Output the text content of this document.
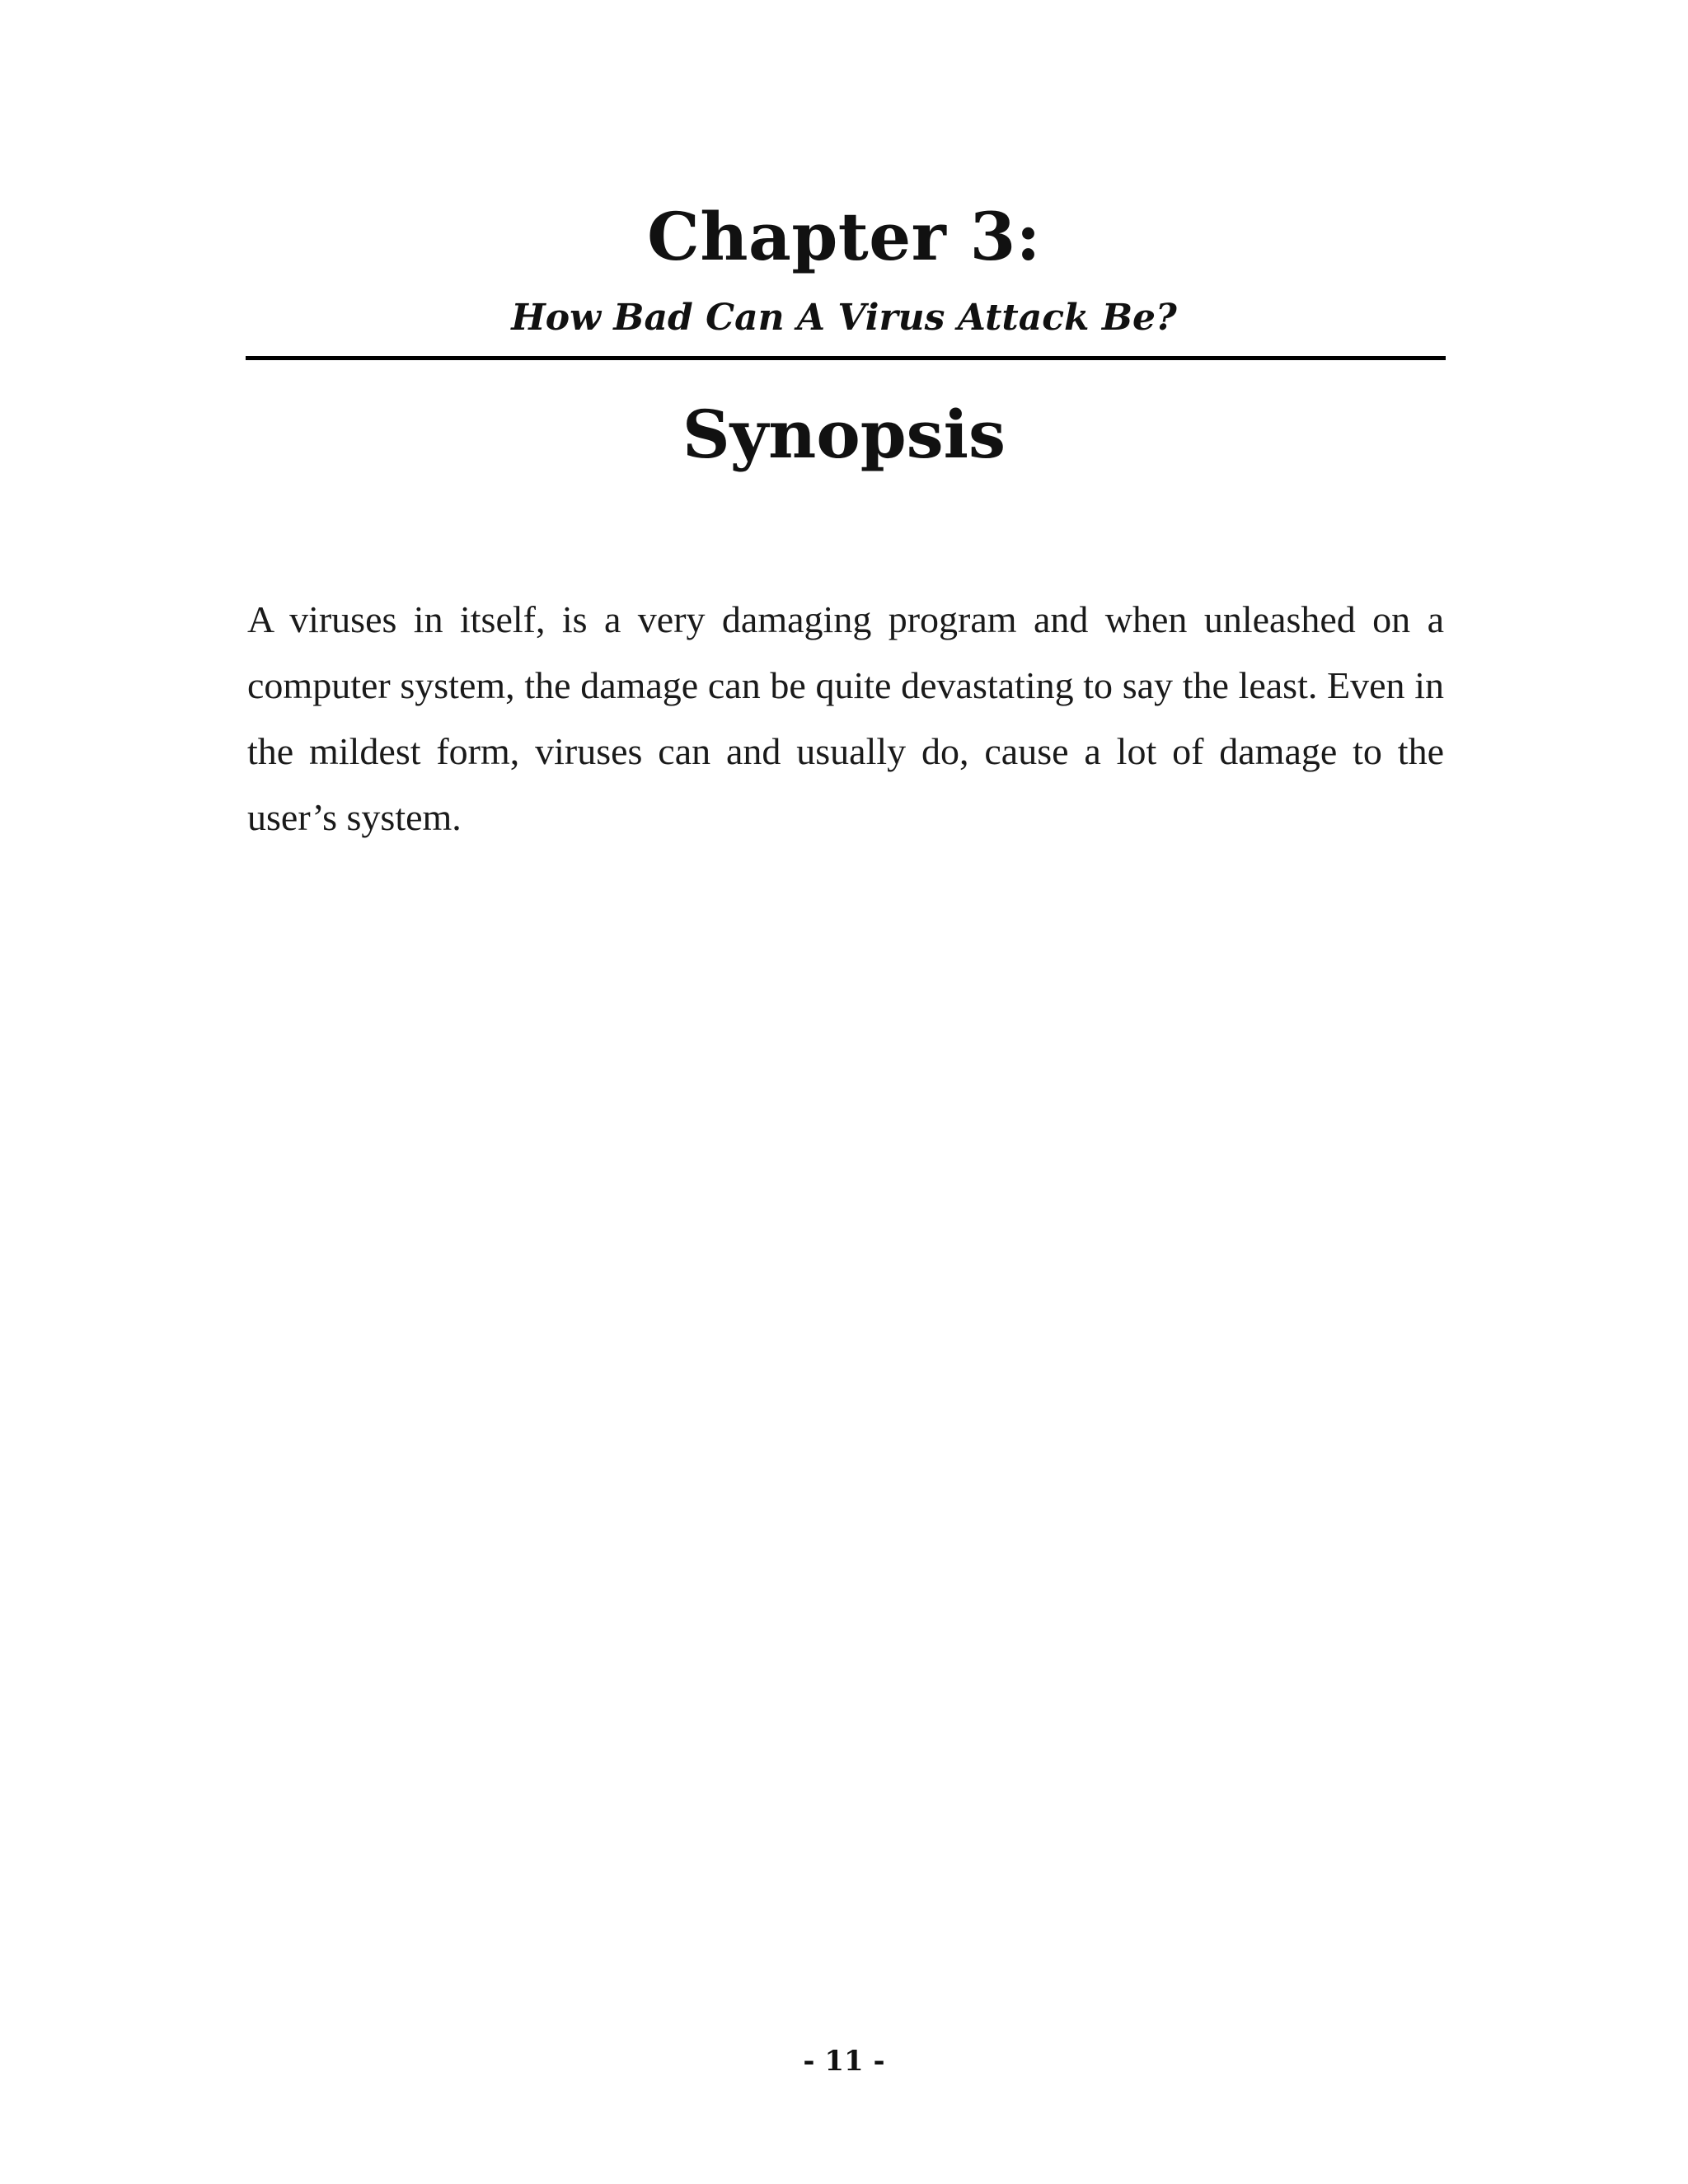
Chapter 3:
How Bad Can A Virus Attack Be?
Synopsis

A viruses in itself, is a very damaging program and when unleashed on a computer system, the damage can be quite devastating to say the least. Even in the mildest form, viruses can and usually do, cause a lot of damage to the user’s system.

- 11 -
